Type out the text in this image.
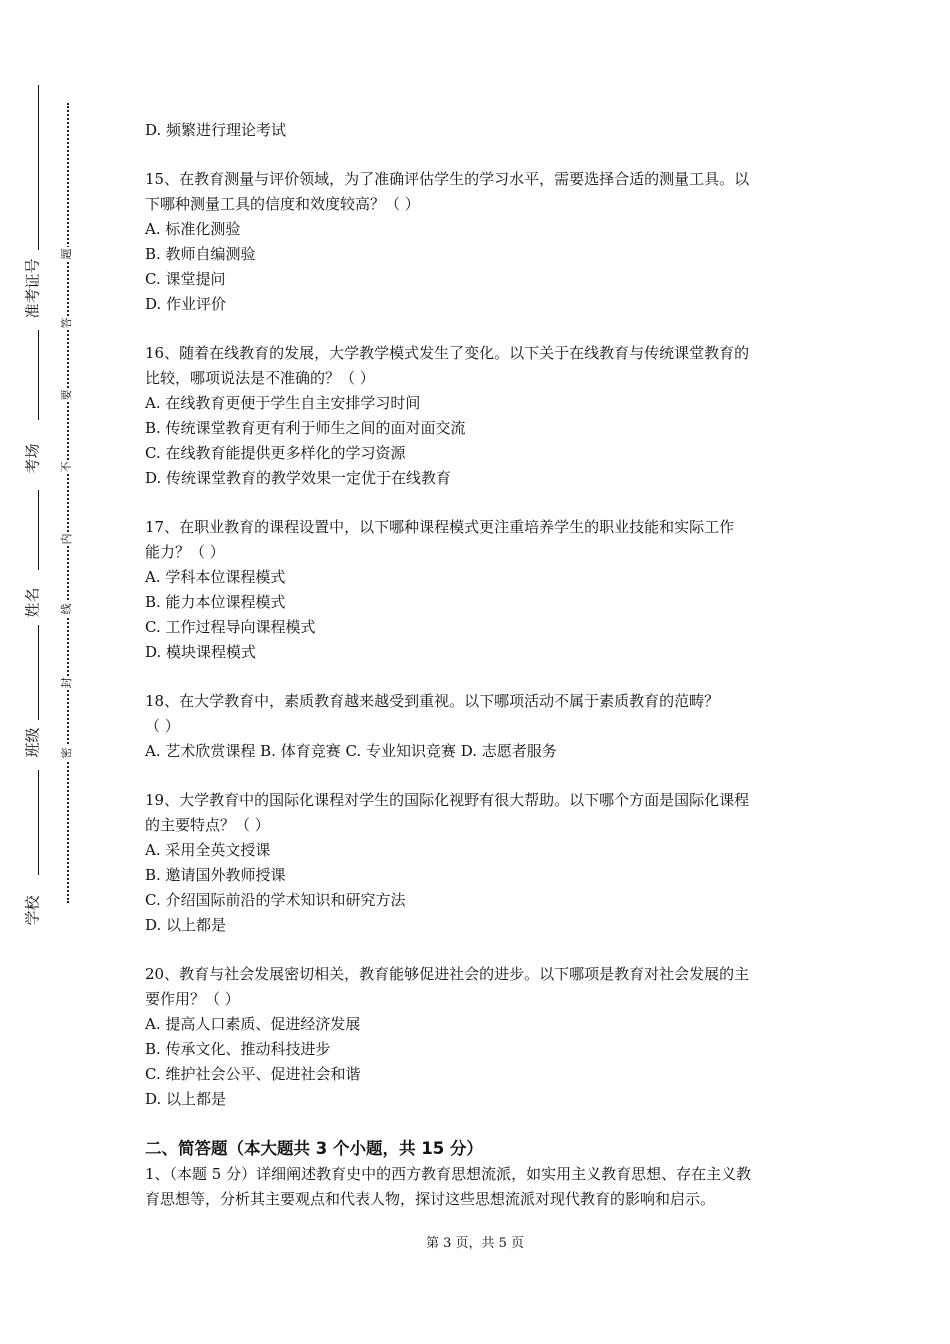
准考证号
考场
姓名
班级
学校
题
答
要
不
内
线
封
密
D. 频繁进行理论考试
15、在教育测量与评价领域，为了准确评估学生的学习水平，需要选择合适的测量工具。以
下哪种测量工具的信度和效度较高？（ ）
A. 标准化测验
B. 教师自编测验
C. 课堂提问
D. 作业评价
16、随着在线教育的发展，大学教学模式发生了变化。以下关于在线教育与传统课堂教育的
比较，哪项说法是不准确的？（ ）
A. 在线教育更便于学生自主安排学习时间
B. 传统课堂教育更有利于师生之间的面对面交流
C. 在线教育能提供更多样化的学习资源
D. 传统课堂教育的教学效果一定优于在线教育
17、在职业教育的课程设置中，以下哪种课程模式更注重培养学生的职业技能和实际工作
能力？（ ）
A. 学科本位课程模式
B. 能力本位课程模式
C. 工作过程导向课程模式
D. 模块课程模式
18、在大学教育中，素质教育越来越受到重视。以下哪项活动不属于素质教育的范畴？
（ ）
A. 艺术欣赏课程 B. 体育竞赛 C. 专业知识竞赛 D. 志愿者服务
19、大学教育中的国际化课程对学生的国际化视野有很大帮助。以下哪个方面是国际化课程
的主要特点？（ ）
A. 采用全英文授课
B. 邀请国外教师授课
C. 介绍国际前沿的学术知识和研究方法
D. 以上都是
20、教育与社会发展密切相关，教育能够促进社会的进步。以下哪项是教育对社会发展的主
要作用？（ ）
A. 提高人口素质、促进经济发展
B. 传承文化、推动科技进步
C. 维护社会公平、促进社会和谐
D. 以上都是
二、简答题（本大题共 3 个小题，共 15 分）
1、（本题 5 分）详细阐述教育史中的西方教育思想流派，如实用主义教育思想、存在主义教
育思想等，分析其主要观点和代表人物，探讨这些思想流派对现代教育的影响和启示。
第 3 页，共 5 页
